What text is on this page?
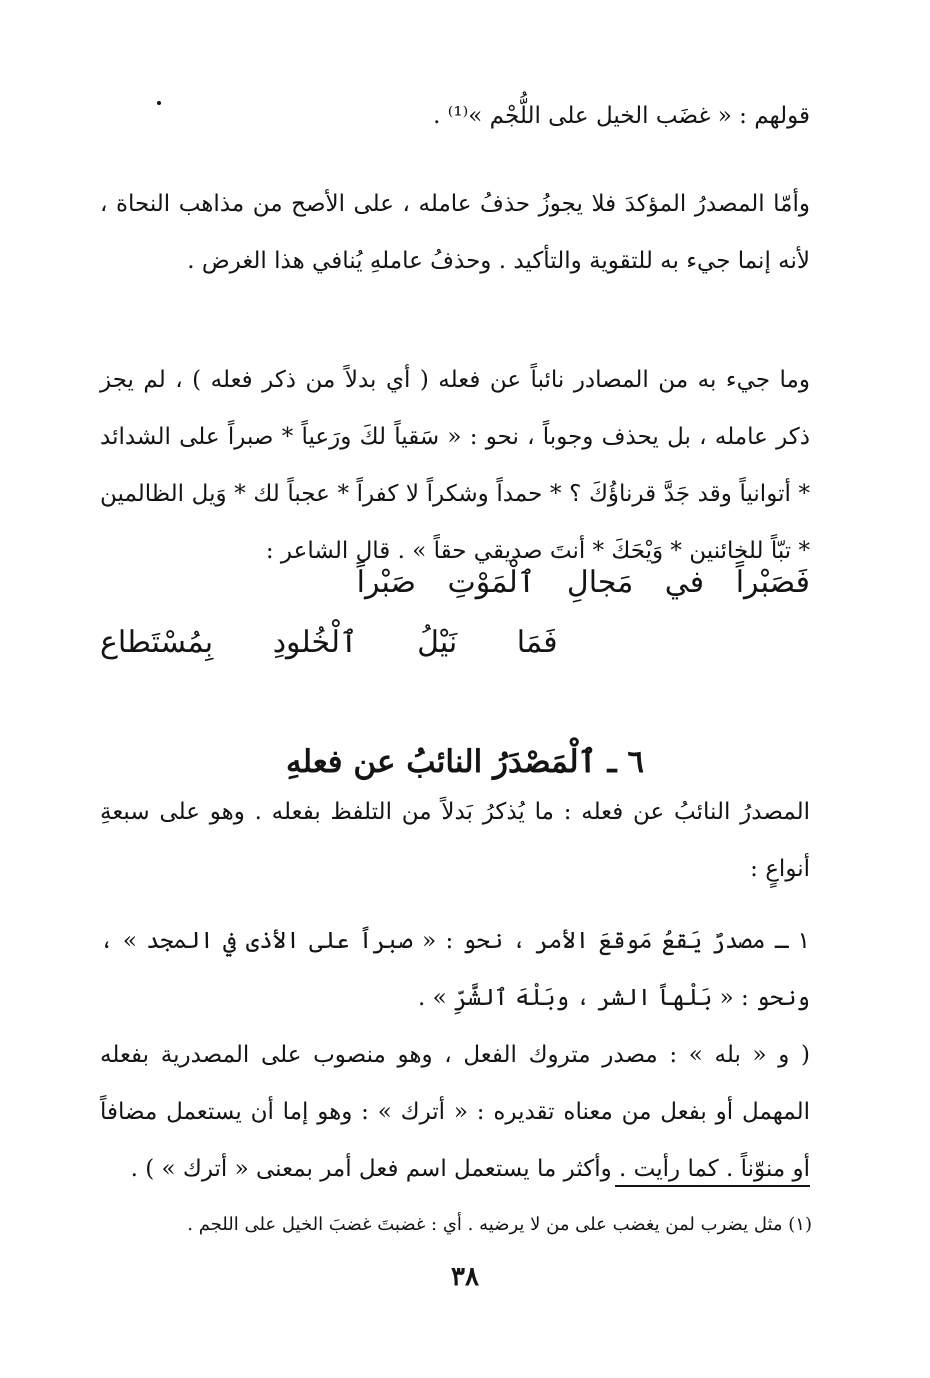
قولهم : « غضَب الخيل على اللُّجْم »⁽¹⁾ .

وأمّا المصدرُ المؤكدَ فلا يجوزُ حذفُ عامله ، على الأصح من مذاهب النحاة ، لأنه إنما جيء به للتقوية والتأكيد . وحذفُ عاملهِ يُنافي هذا الغرض .

وما جيء به من المصادر نائباً عن فعله ( أي بدلاً من ذكر فعله ) ، لم يجز ذكر عامله ، بل يحذف وجوباً ، نحو : « سَقياً لكَ ورَعياً * صبراً على الشدائد * أتوانياً وقد جَدَّ قرناؤُكَ ؟ * حمداً وشكراً لا كفراً * عجباً لك * وَيل الظالمين * تبّاً للخائنين * وَيْحَكَ * أنتَ صديقي حقاً » . قال الشاعر :

فَصَبْراً في مَجالِ ٱلْمَوْتِ صَبْراً
فَمَا نَيْلُ ٱلْخُلودِ بِمُسْتَطاع
٦ ـ ٱلْمَصْدَرُ النائبُ عن فعلهِ

المصدرُ النائبُ عن فعله : ما يُذكرُ بَدلاً من التلفظ بفعله . وهو على سبعةِ أنواعٍ :

١ ـ مصدرٌ يَقعُ مَوقعَ الأمر ، نحو : « صبراً على الأذى في المجد » ، ونحو : « بَلْهاً الشر ، وبَلْهَ ٱلشَّرِّ » .

( و « بله » : مصدر متروك الفعل ، وهو منصوب على المصدرية بفعله المهمل أو بفعل من معناه تقديره : « أترك » : وهو إما أن يستعمل مضافاً أو منوّناً . كما رأيت . وأكثر ما يستعمل اسم فعل أمر بمعنى « أترك » ) .

(١) مثل يضرب لمن يغضب على من لا يرضيه . أي : غضبتَ غضبَ الخيل على اللجم .
٣٨
